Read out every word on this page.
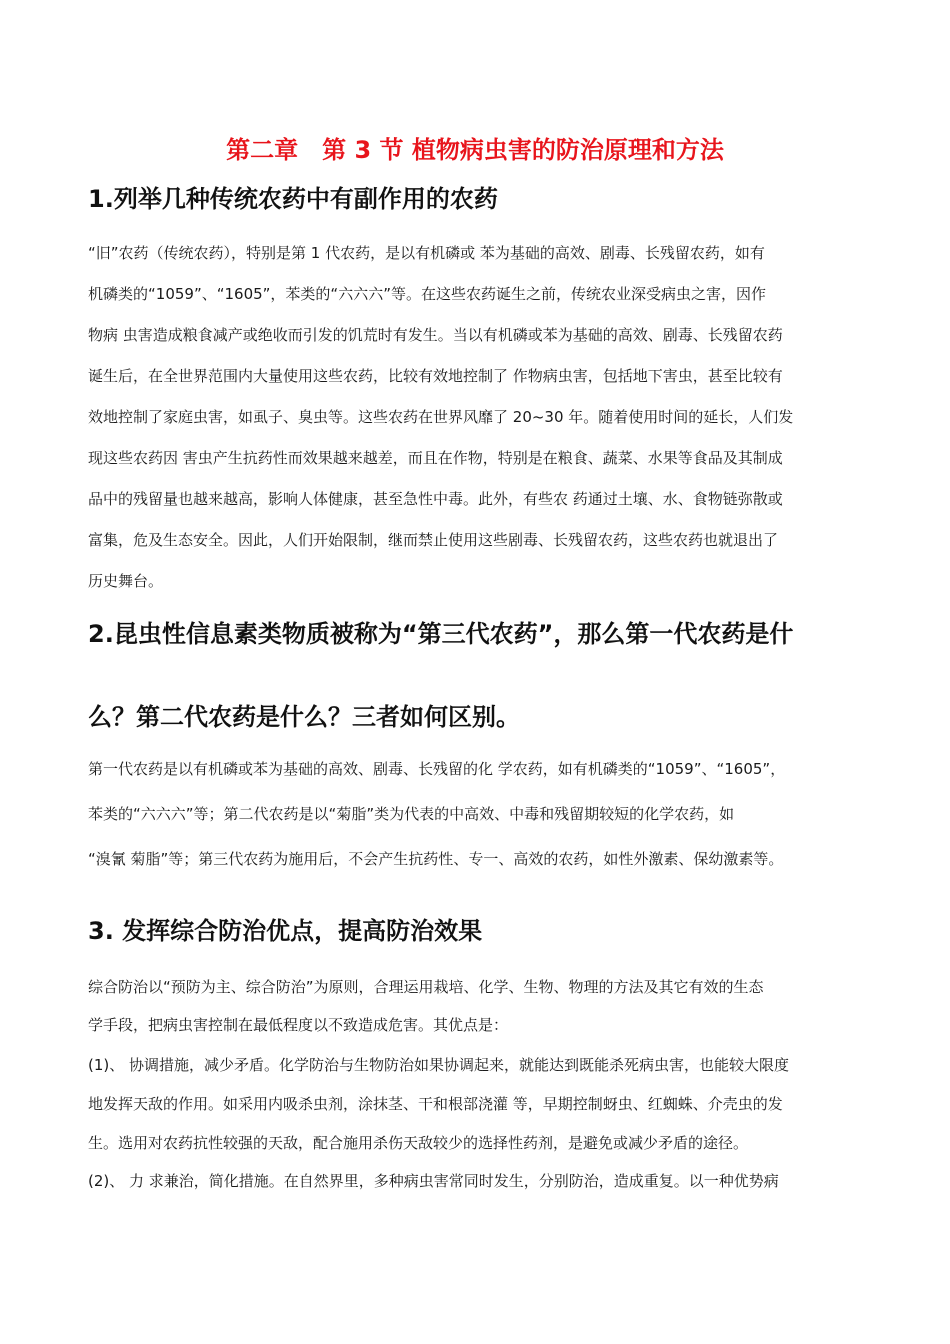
第二章　第 3 节 植物病虫害的防治原理和方法
1.列举几种传统农药中有副作用的农药
“旧”农药（传统农药），特别是第 1 代农药，是以有机磷或 苯为基础的高效、剧毒、长残留农药，如有
机磷类的“1059”、“1605”，苯类的“六六六”等。在这些农药诞生之前，传统农业深受病虫之害，因作
物病 虫害造成粮食减产或绝收而引发的饥荒时有发生。当以有机磷或苯为基础的高效、剧毒、长残留农药
诞生后，在全世界范围内大量使用这些农药，比较有效地控制了 作物病虫害，包括地下害虫，甚至比较有
效地控制了家庭虫害，如虱子、臭虫等。这些农药在世界风靡了 20~30 年。随着使用时间的延长，人们发
现这些农药因 害虫产生抗药性而效果越来越差，而且在作物，特别是在粮食、蔬菜、水果等食品及其制成
品中的残留量也越来越高，影响人体健康，甚至急性中毒。此外，有些农 药通过土壤、水、食物链弥散或
富集，危及生态安全。因此，人们开始限制，继而禁止使用这些剧毒、长残留农药，这些农药也就退出了
历史舞台。
2.昆虫性信息素类物质被称为“第三代农药”，那么第一代农药是什
么？第二代农药是什么？三者如何区别。
第一代农药是以有机磷或苯为基础的高效、剧毒、长残留的化 学农药，如有机磷类的“1059”、“1605”，
苯类的“六六六”等；第二代农药是以“菊脂”类为代表的中高效、中毒和残留期较短的化学农药，如
“溴氰 菊脂”等；第三代农药为施用后，不会产生抗药性、专一、高效的农药，如性外激素、保幼激素等。
3. 发挥综合防治优点，提高防治效果
综合防治以“预防为主、综合防治”为原则，合理运用栽培、化学、生物、物理的方法及其它有效的生态
学手段，把病虫害控制在最低程度以不致造成危害。其优点是：
(1)、 协调措施，减少矛盾。化学防治与生物防治如果协调起来，就能达到既能杀死病虫害，也能较大限度
地发挥天敌的作用。如采用内吸杀虫剂，涂抹茎、干和根部浇灌 等，早期控制蚜虫、红蜘蛛、介壳虫的发
生。选用对农药抗性较强的天敌，配合施用杀伤天敌较少的选择性药剂，是避免或减少矛盾的途径。
(2)、 力 求兼治，简化措施。在自然界里，多种病虫害常同时发生，分别防治，造成重复。以一种优势病
